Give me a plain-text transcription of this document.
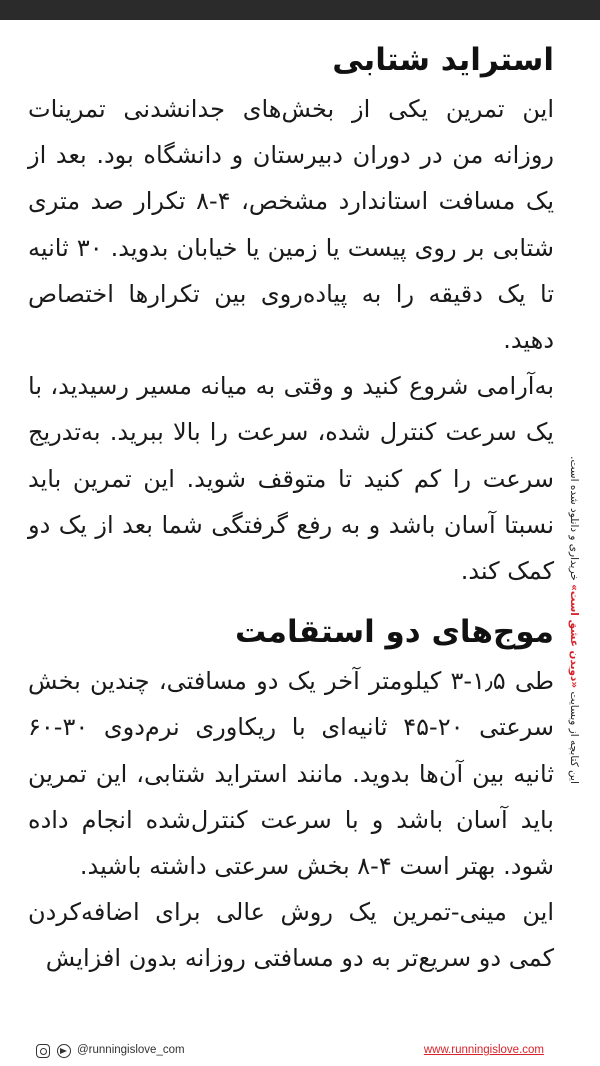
استراید شتابی

این تمرین یکی از بخش‌های جدانشدنی تمرینات روزانه من در دوران دبیرستان و دانشگاه بود. بعد از یک مسافت استاندارد مشخص، ۴-۸ تکرار صد متری شتابی بر روی پیست یا زمین یا خیابان بدوید. ۳۰ ثانیه تا یک دقیقه را به پیاده‌روی بین تکرارها اختصاص دهید.

به‌آرامی شروع کنید و وقتی به میانه مسیر رسیدید، با یک سرعت کنترل شده، سرعت را بالا ببرید. به‌تدریج سرعت را کم کنید تا متوقف شوید. این تمرین باید نسبتا آسان باشد و به رفع گرفتگی شما بعد از یک دو کمک کند.

موج‌های دو استقامت

طی ۱٫۵-۳ کیلومتر آخر یک دو مسافتی، چندین بخش سرعتی ۲۰-۴۵ ثانیه‌ای با ریکاوری نرم‌دوی ۳۰-۶۰ ثانیه بین آن‌ها بدوید. مانند استراید شتابی، این تمرین باید آسان باشد و با سرعت کنترل‌شده انجام داده شود. بهتر است ۴-۸ بخش سرعتی داشته باشید.

این مینی-تمرین یک روش عالی برای اضافه‌کردن کمی دو سریع‌تر به دو مسافتی روزانه بدون افزایش

این کتابچه از وبسایت «دویدن عشق است» خریداری و دانلود شده است.
@runningislove_com	www.runningislove.com
